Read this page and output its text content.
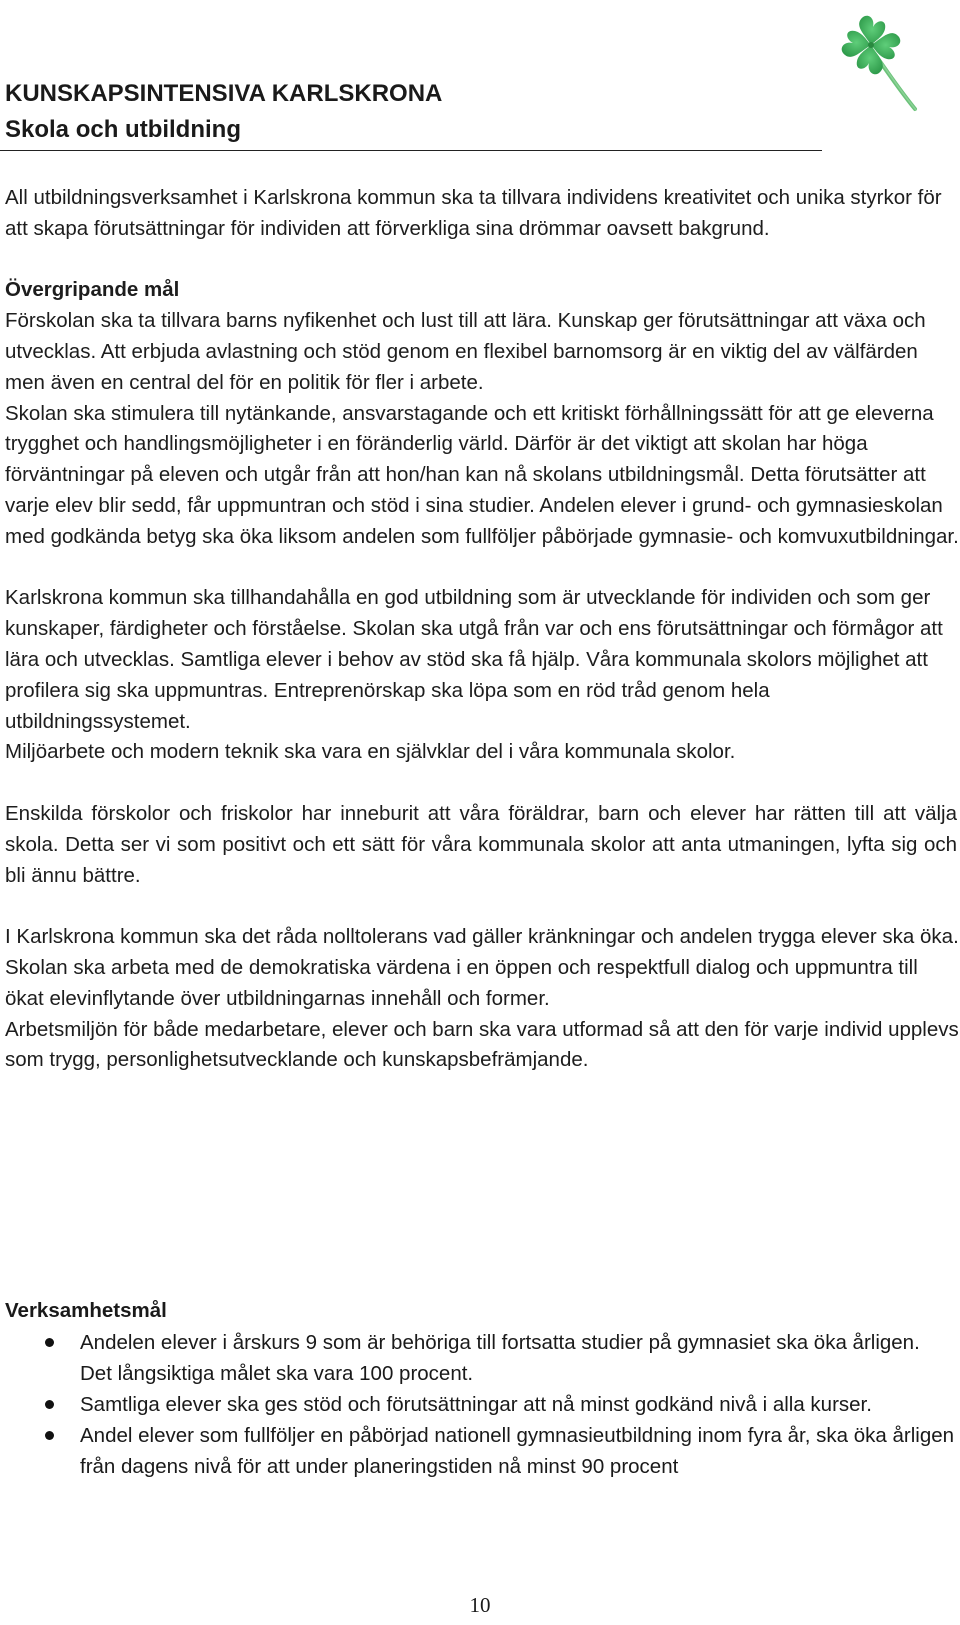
KUNSKAPSINTENSIVA KARLSKRONA
Skola och utbildning

All utbildningsverksamhet i Karlskrona kommun ska ta tillvara individens kreativitet och unika styrkor för att skapa förutsättningar för individen att förverkliga sina drömmar oavsett bakgrund.

Övergripande mål

Förskolan ska ta tillvara barns nyfikenhet och lust till att lära. Kunskap ger förutsättningar att växa och utvecklas. Att erbjuda avlastning och stöd genom en flexibel barnomsorg är en viktig del av välfärden men även en central del för en politik för fler i arbete.

Skolan ska stimulera till nytänkande, ansvarstagande och ett kritiskt förhållningssätt för att ge eleverna trygghet och handlingsmöjligheter i en föränderlig värld. Därför är det viktigt att skolan har höga förväntningar på eleven och utgår från att hon/han kan nå skolans utbildningsmål. Detta förutsätter att varje elev blir sedd, får uppmuntran och stöd i sina studier. Andelen elever i grund- och gymnasieskolan med godkända betyg ska öka liksom andelen som fullföljer påbörjade gymnasie- och komvuxutbildningar.

Karlskrona kommun ska tillhandahålla en god utbildning som är utvecklande för individen och som ger kunskaper, färdigheter och förståelse. Skolan ska utgå från var och ens förutsättningar och förmågor att lära och utvecklas. Samtliga elever i behov av stöd ska få hjälp. Våra kommunala skolors möjlighet att profilera sig ska uppmuntras. Entreprenörskap ska löpa som en röd tråd genom hela utbildningssystemet.

Miljöarbete och modern teknik ska vara en självklar del i våra kommunala skolor.

Enskilda förskolor och friskolor har inneburit att våra föräldrar, barn och elever har rätten till att välja skola. Detta ser vi som positivt och ett sätt för våra kommunala skolor att anta utmaningen, lyfta sig och bli ännu bättre.

I Karlskrona kommun ska det råda nolltolerans vad gäller kränkningar och andelen trygga elever ska öka. Skolan ska arbeta med de demokratiska värdena i en öppen och respektfull dialog och uppmuntra till ökat elevinflytande över utbildningarnas innehåll och former.

Arbetsmiljön för både medarbetare, elever och barn ska vara utformad så att den för varje individ upplevs som trygg, personlighetsutvecklande och kunskapsbefrämjande.

Verksamhetsmål
Andelen elever i årskurs 9 som är behöriga till fortsatta studier på gymnasiet ska öka årligen. Det långsiktiga målet ska vara 100 procent.
Samtliga elever ska ges stöd och förutsättningar att nå minst godkänd nivå i alla kurser.
Andel elever som fullföljer en påbörjad nationell gymnasieutbildning inom fyra år, ska öka årligen från dagens nivå för att under planeringstiden nå minst 90 procent
10
